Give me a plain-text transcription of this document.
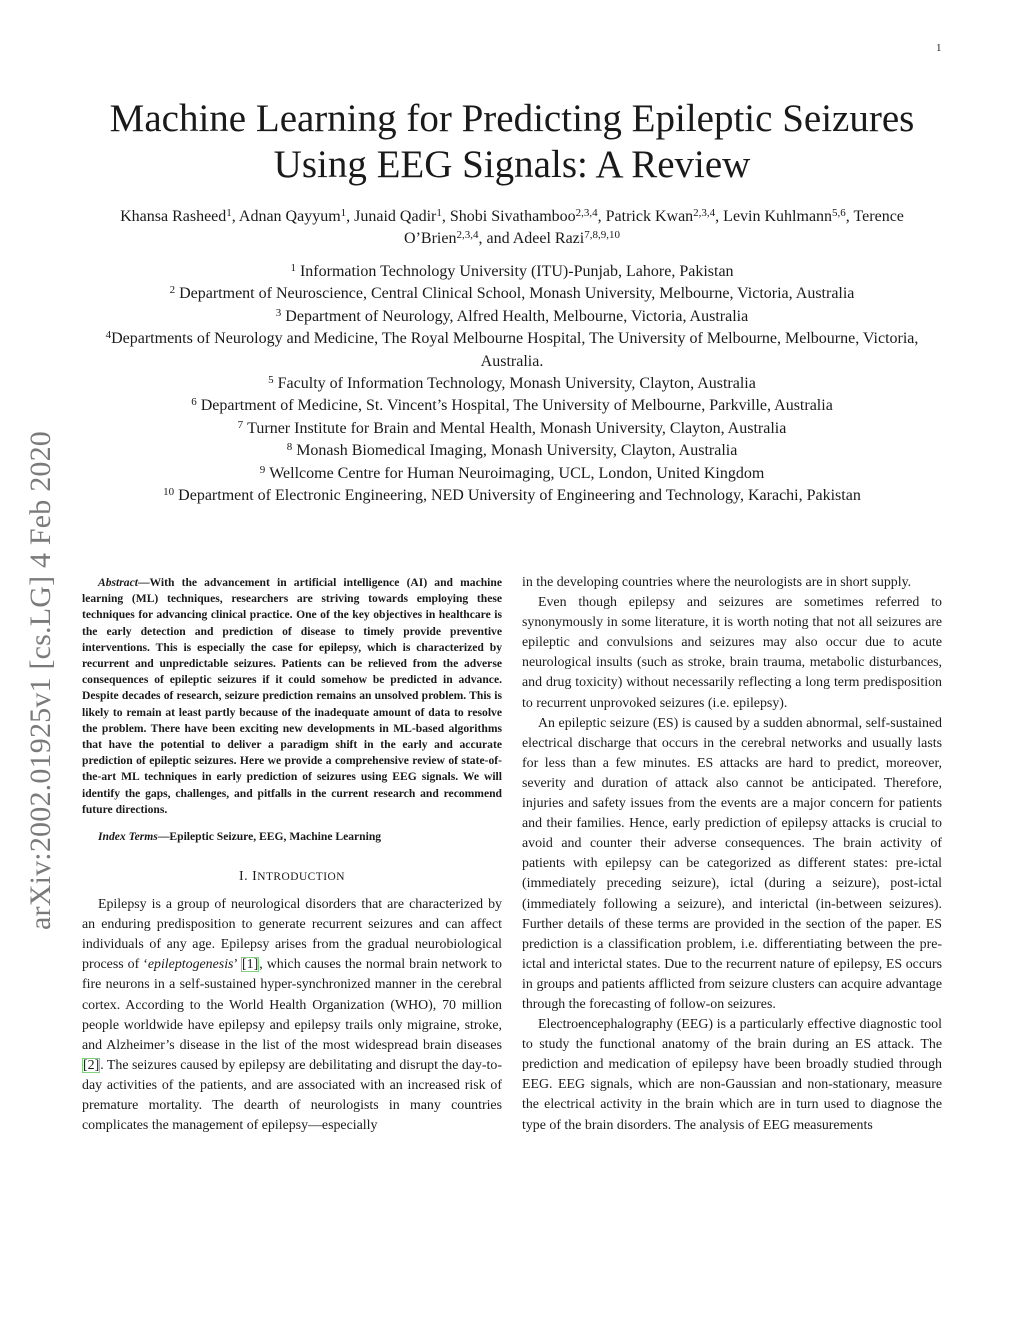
1
arXiv:2002.01925v1 [cs.LG] 4 Feb 2020
Machine Learning for Predicting Epileptic Seizures
Using EEG Signals: A Review
Khansa Rasheed$^1$, Adnan Qayyum$^1$, Junaid Qadir$^1$, Shobi Sivathamboo$^{2,3,4}$, Patrick Kwan$^{2,3,4}$, Levin Kuhlmann$^{5,6}$, Terence O’Brien$^{2,3,4}$, and Adeel Razi$^{7,8,9,10}$
$^1$ Information Technology University (ITU)-Punjab, Lahore, Pakistan
$^2$ Department of Neuroscience, Central Clinical School, Monash University, Melbourne, Victoria, Australia
$^3$ Department of Neurology, Alfred Health, Melbourne, Victoria, Australia
$^4$Departments of Neurology and Medicine, The Royal Melbourne Hospital, The University of Melbourne, Melbourne, Victoria, Australia.
$^5$ Faculty of Information Technology, Monash University, Clayton, Australia
$^6$ Department of Medicine, St. Vincent’s Hospital, The University of Melbourne, Parkville, Australia
$^7$ Turner Institute for Brain and Mental Health, Monash University, Clayton, Australia
$^8$ Monash Biomedical Imaging, Monash University, Clayton, Australia
$^9$ Wellcome Centre for Human Neuroimaging, UCL, London, United Kingdom
$^{10}$ Department of Electronic Engineering, NED University of Engineering and Technology, Karachi, Pakistan

Abstract—With the advancement in artificial intelligence (AI) and machine learning (ML) techniques, researchers are striving towards employing these techniques for advancing clinical practice. One of the key objectives in healthcare is the early detection and prediction of disease to timely provide preventive interventions. This is especially the case for epilepsy, which is characterized by recurrent and unpredictable seizures. Patients can be relieved from the adverse consequences of epileptic seizures if it could somehow be predicted in advance. Despite decades of research, seizure prediction remains an unsolved problem. This is likely to remain at least partly because of the inadequate amount of data to resolve the problem. There have been exciting new developments in ML-based algorithms that have the potential to deliver a paradigm shift in the early and accurate prediction of epileptic seizures. Here we provide a comprehensive review of state-of-the-art ML techniques in early prediction of seizures using EEG signals. We will identify the gaps, challenges, and pitfalls in the current research and recommend future directions.

Index Terms—Epileptic Seizure, EEG, Machine Learning

I. INTRODUCTION

Epilepsy is a group of neurological disorders that are characterized by an enduring predisposition to generate recurrent seizures and can affect individuals of any age. Epilepsy arises from the gradual neurobiological process of ‘epileptogenesis’ [1], which causes the normal brain network to fire neurons in a self-sustained hyper-synchronized manner in the cerebral cortex. According to the World Health Organization (WHO), 70 million people worldwide have epilepsy and epilepsy trails only migraine, stroke, and Alzheimer’s disease in the list of the most widespread brain diseases [2]. The seizures caused by epilepsy are debilitating and disrupt the day-to-day activities of the patients, and are associated with an increased risk of premature mortality. The dearth of neurologists in many countries complicates the management of epilepsy—especially

in the developing countries where the neurologists are in short supply.

Even though epilepsy and seizures are sometimes referred to synonymously in some literature, it is worth noting that not all seizures are epileptic and convulsions and seizures may also occur due to acute neurological insults (such as stroke, brain trauma, metabolic disturbances, and drug toxicity) without necessarily reflecting a long term predisposition to recurrent unprovoked seizures (i.e. epilepsy).

An epileptic seizure (ES) is caused by a sudden abnormal, self-sustained electrical discharge that occurs in the cerebral networks and usually lasts for less than a few minutes. ES attacks are hard to predict, moreover, severity and duration of attack also cannot be anticipated. Therefore, injuries and safety issues from the events are a major concern for patients and their families. Hence, early prediction of epilepsy attacks is crucial to avoid and counter their adverse consequences. The brain activity of patients with epilepsy can be categorized as different states: pre-ictal (immediately preceding seizure), ictal (during a seizure), post-ictal (immediately following a seizure), and interictal (in-between seizures). Further details of these terms are provided in the section of the paper. ES prediction is a classification problem, i.e. differentiating between the pre-ictal and interictal states. Due to the recurrent nature of epilepsy, ES occurs in groups and patients afflicted from seizure clusters can acquire advantage through the forecasting of follow-on seizures.

Electroencephalography (EEG) is a particularly effective diagnostic tool to study the functional anatomy of the brain during an ES attack. The prediction and medication of epilepsy have been broadly studied through EEG. EEG signals, which are non-Gaussian and non-stationary, measure the electrical activity in the brain which are in turn used to diagnose the type of the brain disorders. The analysis of EEG measurements
